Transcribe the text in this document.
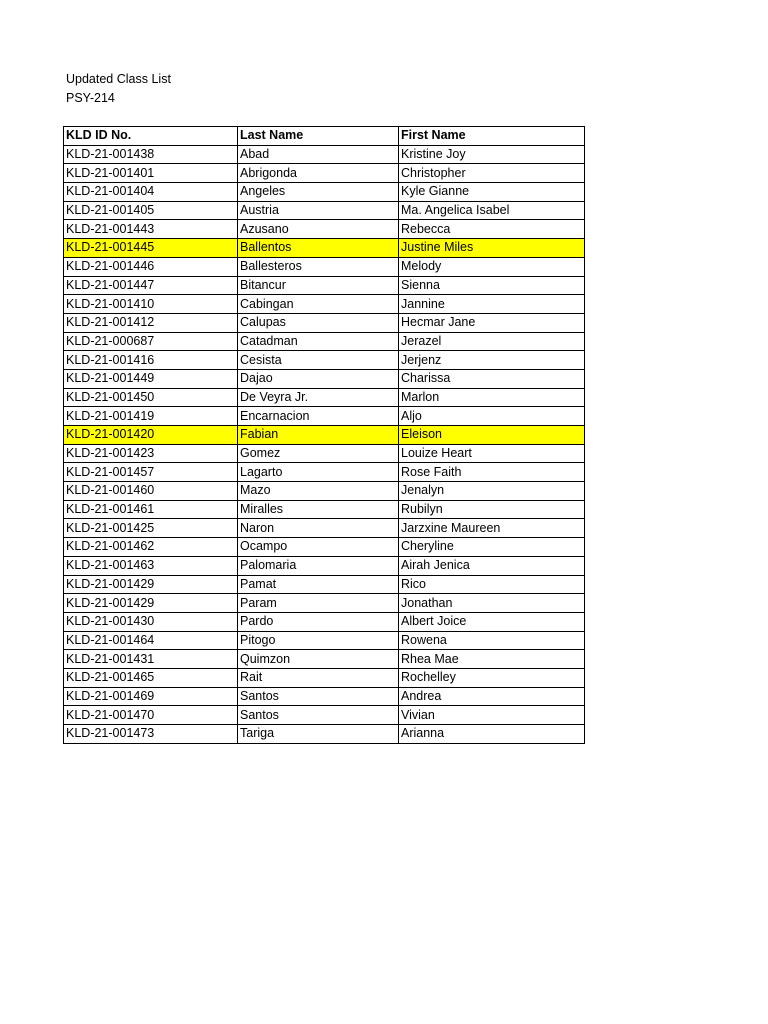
Updated Class List
PSY-214
KLD ID No.	Last Name	First Name
KLD-21-001438	Abad	Kristine Joy
KLD-21-001401	Abrigonda	Christopher
KLD-21-001404	Angeles	Kyle Gianne
KLD-21-001405	Austria	Ma. Angelica Isabel
KLD-21-001443	Azusano	Rebecca
KLD-21-001445	Ballentos	Justine Miles
KLD-21-001446	Ballesteros	Melody
KLD-21-001447	Bitancur	Sienna
KLD-21-001410	Cabingan	Jannine
KLD-21-001412	Calupas	Hecmar Jane
KLD-21-000687	Catadman	Jerazel
KLD-21-001416	Cesista	Jerjenz
KLD-21-001449	Dajao	Charissa
KLD-21-001450	De Veyra Jr.	Marlon
KLD-21-001419	Encarnacion	Aljo
KLD-21-001420	Fabian	Eleison
KLD-21-001423	Gomez	Louize Heart
KLD-21-001457	Lagarto	Rose Faith
KLD-21-001460	Mazo	Jenalyn
KLD-21-001461	Miralles	Rubilyn
KLD-21-001425	Naron	Jarzxine Maureen
KLD-21-001462	Ocampo	Cheryline
KLD-21-001463	Palomaria	Airah Jenica
KLD-21-001429	Pamat	Rico
KLD-21-001429	Param	Jonathan
KLD-21-001430	Pardo	Albert Joice
KLD-21-001464	Pitogo	Rowena
KLD-21-001431	Quimzon	Rhea Mae
KLD-21-001465	Rait	Rochelley
KLD-21-001469	Santos	Andrea
KLD-21-001470	Santos	Vivian
KLD-21-001473	Tariga	Arianna
